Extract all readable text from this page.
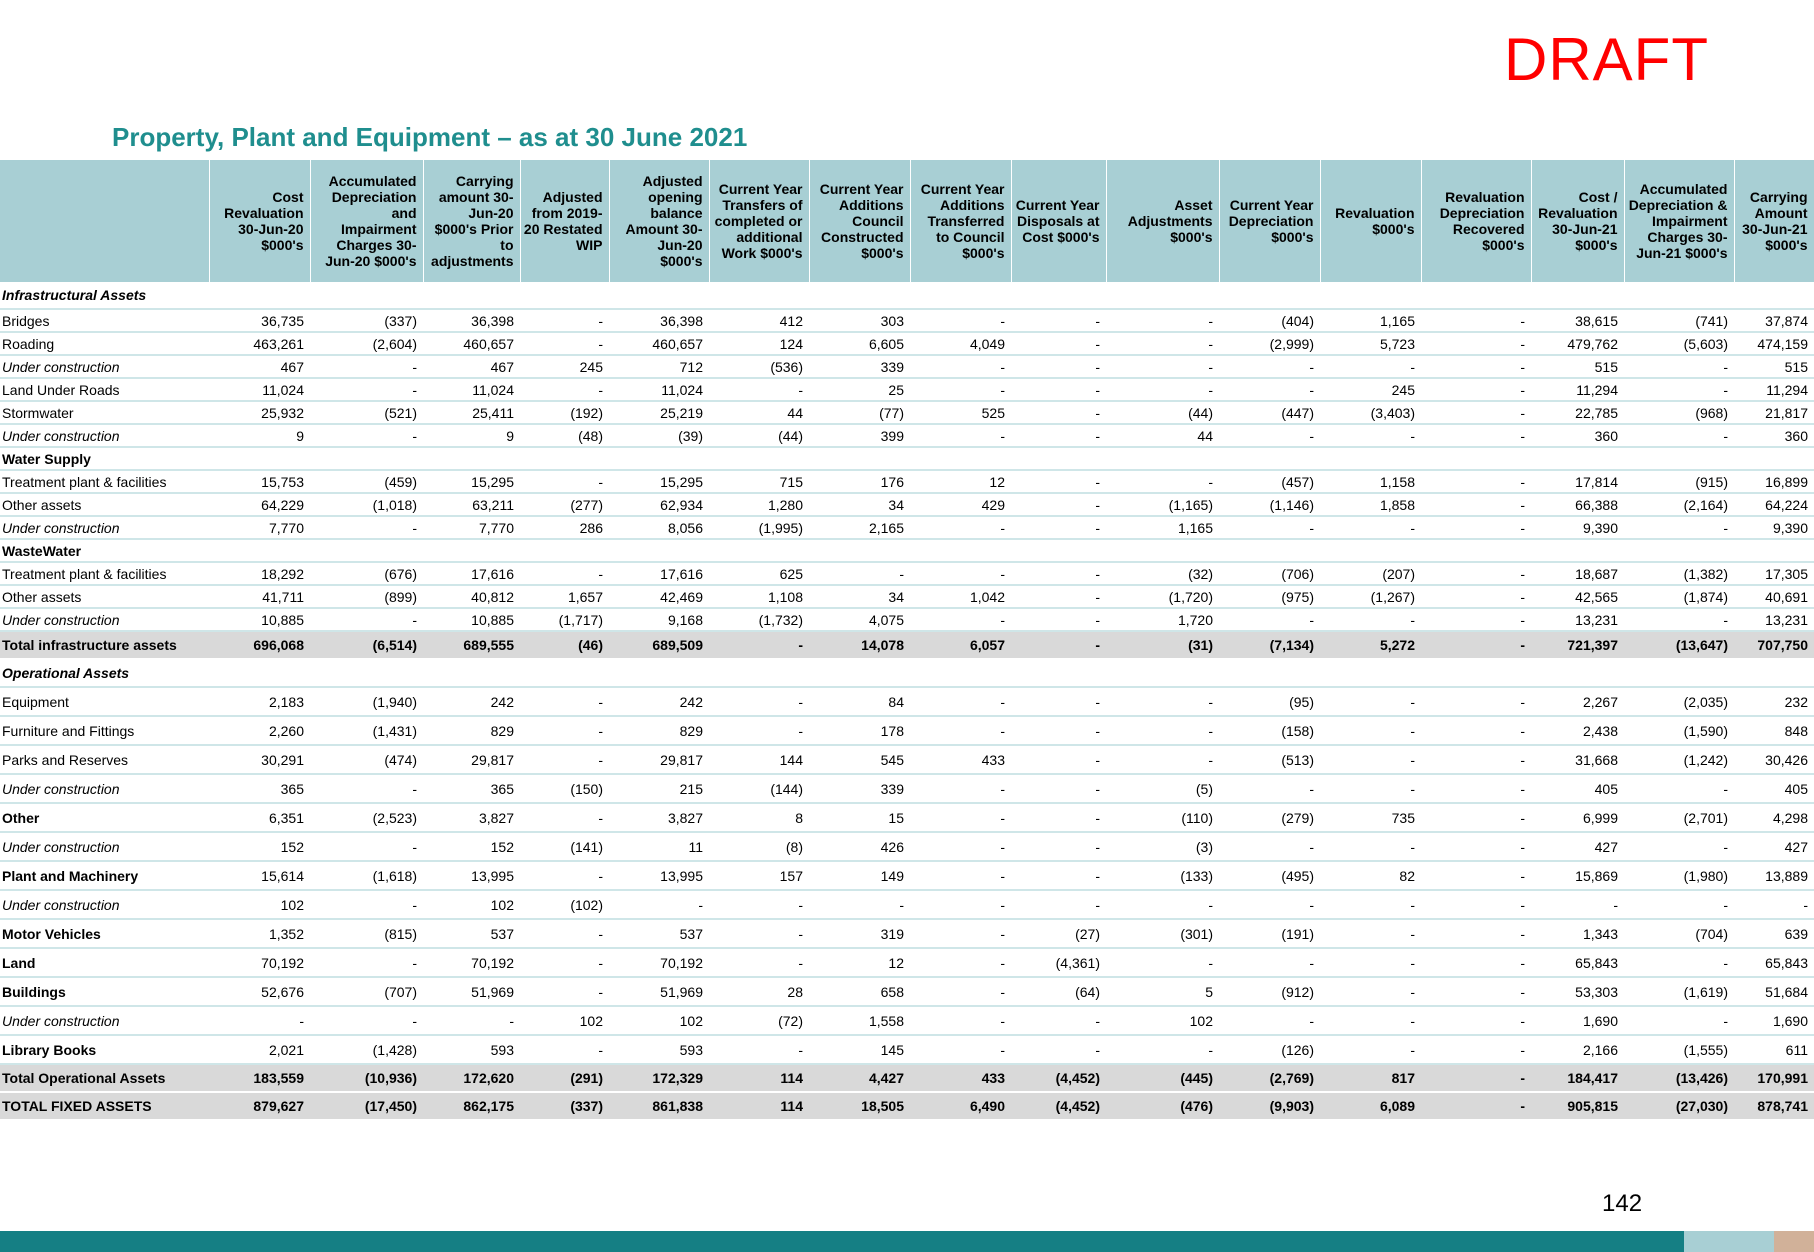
DRAFT
Property, Plant and Equipment – as at 30 June 2021
	Cost Revaluation 30-Jun-20 $000's	Accumulated Depreciation and Impairment Charges 30-Jun-20 $000's	Carrying amount 30-Jun-20 $000's Prior to adjustments	Adjusted from 2019-20 Restated WIP	Adjusted opening balance Amount 30-Jun-20 $000's	Current Year Transfers of completed or additional Work $000's	Current Year Additions Council Constructed $000's	Current Year Additions Transferred to Council $000's	Current Year Disposals at Cost $000's	Asset Adjustments $000's	Current Year Depreciation $000's	Revaluation $000's	Revaluation Depreciation Recovered $000's	Cost / Revaluation 30-Jun-21 $000's	Accumulated Depreciation & Impairment Charges 30-Jun-21 $000's	Carrying Amount 30-Jun-21 $000's
Infrastructural Assets																
Bridges	36,735	(337)	36,398	-	36,398	412	303	-	-	-	(404)	1,165	-	38,615	(741)	37,874
Roading	463,261	(2,604)	460,657	-	460,657	124	6,605	4,049	-	-	(2,999)	5,723	-	479,762	(5,603)	474,159
Under construction	467	-	467	245	712	(536)	339	-	-	-	-	-	-	515	-	515
Land Under Roads	11,024	-	11,024	-	11,024	-	25	-	-	-	-	245	-	11,294	-	11,294
Stormwater	25,932	(521)	25,411	(192)	25,219	44	(77)	525	-	(44)	(447)	(3,403)	-	22,785	(968)	21,817
Under construction	9	-	9	(48)	(39)	(44)	399	-	-	44	-	-	-	360	-	360
Water Supply																
Treatment plant & facilities	15,753	(459)	15,295	-	15,295	715	176	12	-	-	(457)	1,158	-	17,814	(915)	16,899
Other assets	64,229	(1,018)	63,211	(277)	62,934	1,280	34	429	-	(1,165)	(1,146)	1,858	-	66,388	(2,164)	64,224
Under construction	7,770	-	7,770	286	8,056	(1,995)	2,165	-	-	1,165	-	-	-	9,390	-	9,390
WasteWater																
Treatment plant & facilities	18,292	(676)	17,616	-	17,616	625	-	-	-	(32)	(706)	(207)	-	18,687	(1,382)	17,305
Other assets	41,711	(899)	40,812	1,657	42,469	1,108	34	1,042	-	(1,720)	(975)	(1,267)	-	42,565	(1,874)	40,691
Under construction	10,885	-	10,885	(1,717)	9,168	(1,732)	4,075	-	-	1,720	-	-	-	13,231	-	13,231
Total infrastructure assets	696,068	(6,514)	689,555	(46)	689,509	-	14,078	6,057	-	(31)	(7,134)	5,272	-	721,397	(13,647)	707,750
Operational Assets																
Equipment	2,183	(1,940)	242	-	242	-	84	-	-	-	(95)	-	-	2,267	(2,035)	232
Furniture and Fittings	2,260	(1,431)	829	-	829	-	178	-	-	-	(158)	-	-	2,438	(1,590)	848
Parks and Reserves	30,291	(474)	29,817	-	29,817	144	545	433	-	-	(513)	-	-	31,668	(1,242)	30,426
Under construction	365	-	365	(150)	215	(144)	339	-	-	(5)	-	-	-	405	-	405
Other	6,351	(2,523)	3,827	-	3,827	8	15	-	-	(110)	(279)	735	-	6,999	(2,701)	4,298
Under construction	152	-	152	(141)	11	(8)	426	-	-	(3)	-	-	-	427	-	427
Plant and Machinery	15,614	(1,618)	13,995	-	13,995	157	149	-	-	(133)	(495)	82	-	15,869	(1,980)	13,889
Under construction	102	-	102	(102)	-	-	-	-	-	-	-	-	-	-	-	-
Motor Vehicles	1,352	(815)	537	-	537	-	319	-	(27)	(301)	(191)	-	-	1,343	(704)	639
Land	70,192	-	70,192	-	70,192	-	12	-	(4,361)	-	-	-	-	65,843	-	65,843
Buildings	52,676	(707)	51,969	-	51,969	28	658	-	(64)	5	(912)	-	-	53,303	(1,619)	51,684
Under construction	-	-	-	102	102	(72)	1,558	-	-	102	-	-	-	1,690	-	1,690
Library Books	2,021	(1,428)	593	-	593	-	145	-	-	-	(126)	-	-	2,166	(1,555)	611
Total Operational Assets	183,559	(10,936)	172,620	(291)	172,329	114	4,427	433	(4,452)	(445)	(2,769)	817	-	184,417	(13,426)	170,991
TOTAL FIXED ASSETS	879,627	(17,450)	862,175	(337)	861,838	114	18,505	6,490	(4,452)	(476)	(9,903)	6,089	-	905,815	(27,030)	878,741
142
